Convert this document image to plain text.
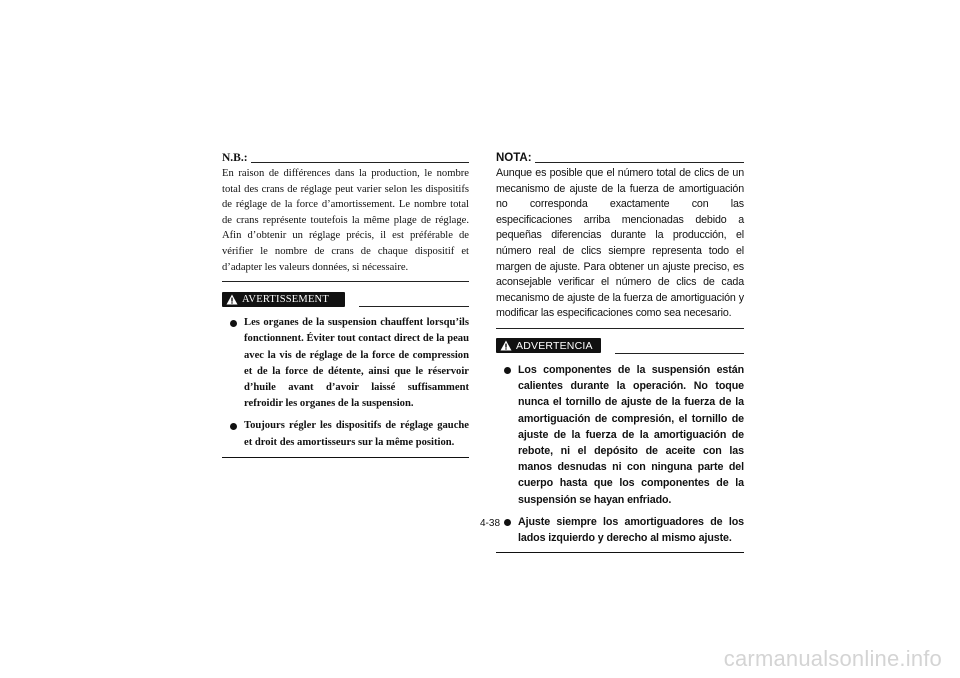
N.B.:

En raison de différences dans la production, le nombre total des crans de réglage peut varier selon les dispositifs de réglage de la force d’amortissement. Le nombre total de crans représente toutefois la même plage de réglage. Afin d’obtenir un réglage précis, il est préférable de vérifier le nombre de crans de chaque dispositif et d’adapter les valeurs données, si nécessaire.

AVERTISSEMENT
Les organes de la suspension chauffent lorsqu’ils fonctionnent. Éviter tout contact direct de la peau avec la vis de réglage de la force de compression et de la force de détente, ainsi que le réservoir d’huile avant d’avoir laissé suffisamment refroidir les organes de la suspension.
Toujours régler les dispositifs de réglage gauche et droit des amortisseurs sur la même position.
NOTA:

Aunque es posible que el número total de clics de un mecanismo de ajuste de la fuerza de amortiguación no corresponda exactamente con las especificaciones arriba mencionadas debido a pequeñas diferencias durante la producción, el número real de clics siempre representa todo el margen de ajuste. Para obtener un ajuste preciso, es aconsejable verificar el número de clics de cada mecanismo de ajuste de la fuerza de amortiguación y modificar las especificaciones como sea necesario.

ADVERTENCIA
Los componentes de la suspensión están calientes durante la operación. No toque nunca el tornillo de ajuste de la fuerza de la amortiguación de compresión, el tornillo de ajuste de la fuerza de la amortiguación de rebote, ni el depósito de aceite con las manos desnudas ni con ninguna parte del cuerpo hasta que los componentes de la suspensión se hayan enfriado.
Ajuste siempre los amortiguadores de los lados izquierdo y derecho al mismo ajuste.
4-38
carmanualsonline.info
